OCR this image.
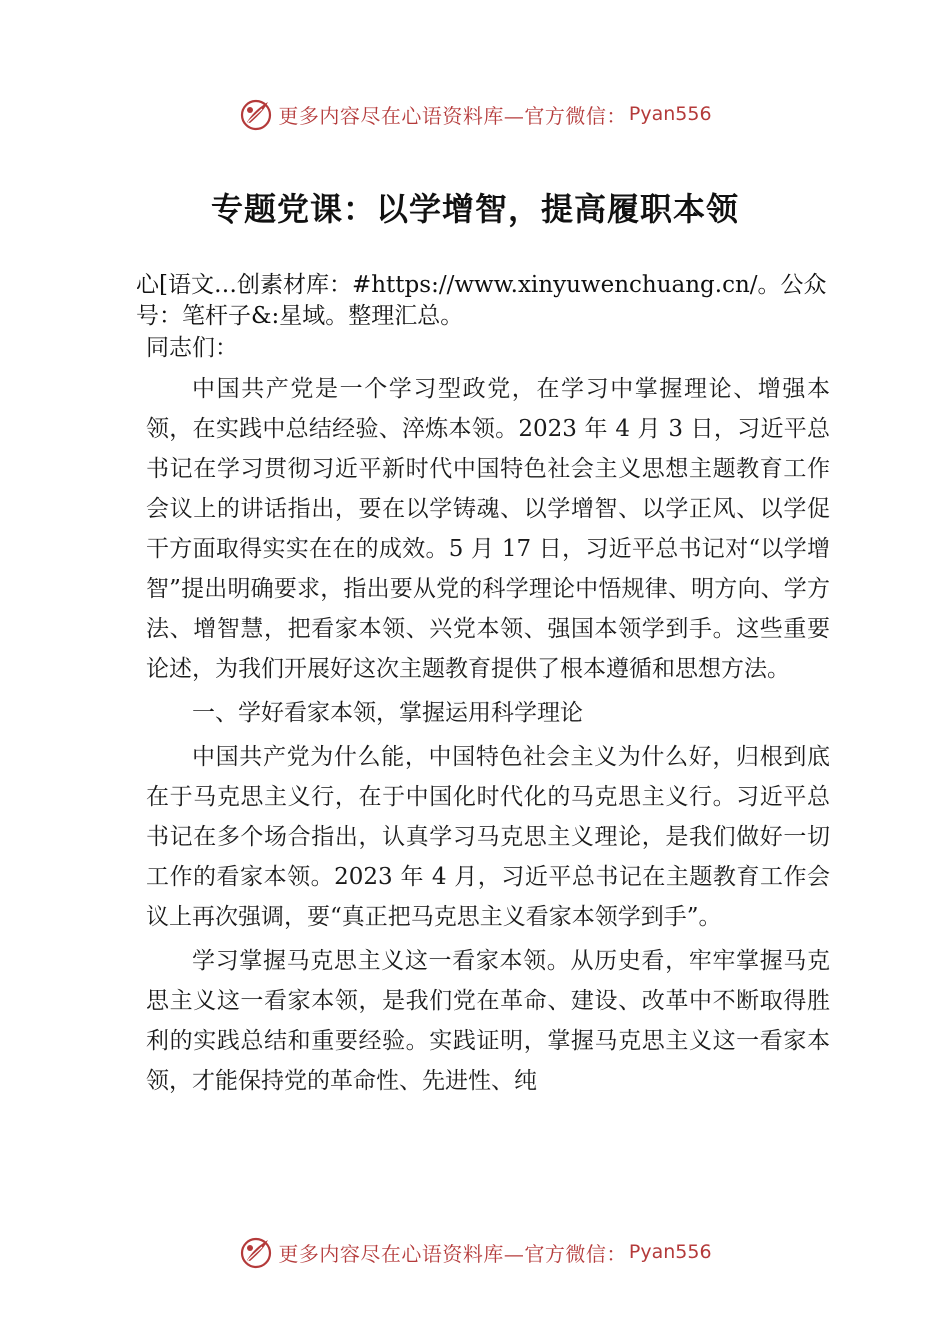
更多内容尽在心语资料库—官方微信： Pyan556
专题党课：以学增智，提高履职本领
心[语文…创素材库：#https://www.xinyuwenchuang.cn/。公众号：笔杆子&:星域。整理汇总。
同志们：

中国共产党是一个学习型政党，在学习中掌握理论、增强本领，在实践中总结经验、淬炼本领。2023 年 4 月 3 日，习近平总书记在学习贯彻习近平新时代中国特色社会主义思想主题教育工作会议上的讲话指出，要在以学铸魂、以学增智、以学正风、以学促干方面取得实实在在的成效。5 月 17 日，习近平总书记对“以学增智”提出明确要求，指出要从党的科学理论中悟规律、明方向、学方法、增智慧，把看家本领、兴党本领、强国本领学到手。这些重要论述，为我们开展好这次主题教育提供了根本遵循和思想方法。

一、学好看家本领，掌握运用科学理论

中国共产党为什么能，中国特色社会主义为什么好，归根到底在于马克思主义行，在于中国化时代化的马克思主义行。习近平总书记在多个场合指出，认真学习马克思主义理论，是我们做好一切工作的看家本领。2023 年 4 月，习近平总书记在主题教育工作会议上再次强调，要“真正把马克思主义看家本领学到手”。

学习掌握马克思主义这一看家本领。从历史看，牢牢掌握马克思主义这一看家本领，是我们党在革命、建设、改革中不断取得胜利的实践总结和重要经验。实践证明，掌握马克思主义这一看家本领，才能保持党的革命性、先进性、纯

更多内容尽在心语资料库—官方微信： Pyan556
